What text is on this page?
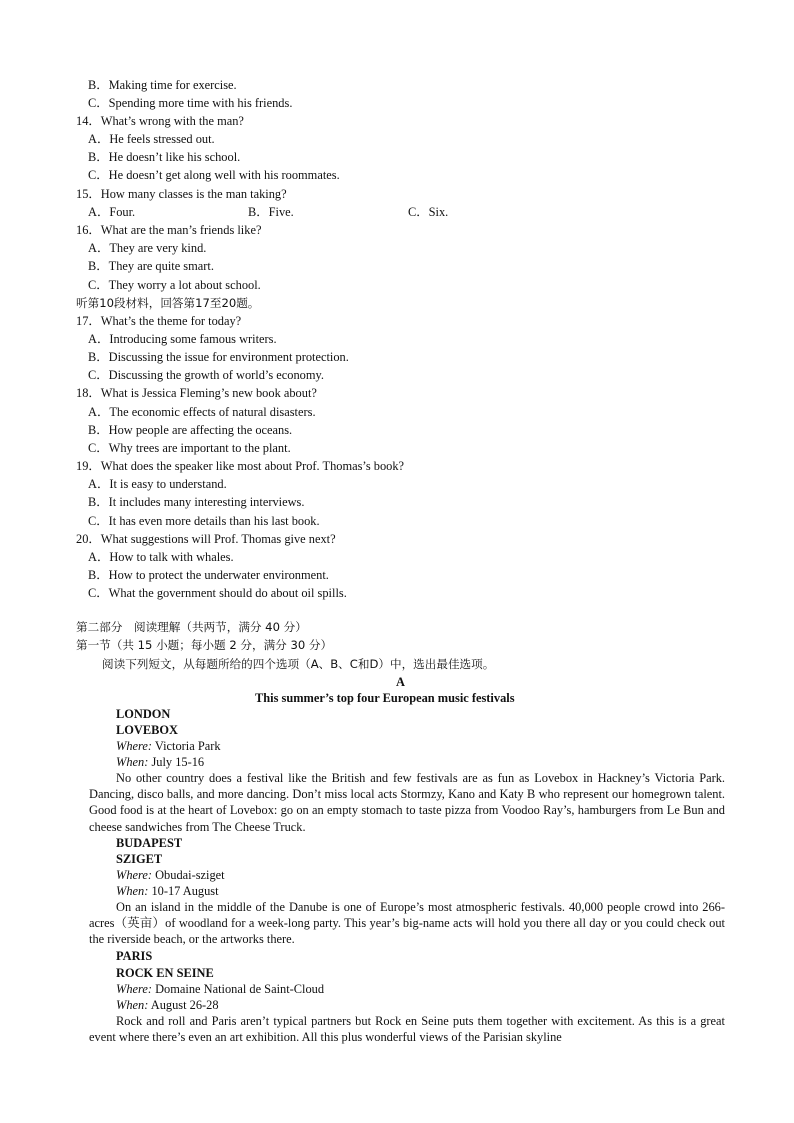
B．Making time for exercise.
C．Spending more time with his friends.
14．What’s wrong with the man?
A．He feels stressed out.
B．He doesn’t like his school.
C．He doesn’t get along well with his roommates.
15．How many classes is the man taking?
A．Four.	B．Five.	C．Six.
16．What are the man’s friends like?
A．They are very kind.
B．They are quite smart.
C．They worry a lot about school.
听第10段材料，回答第17至20题。
17．What’s the theme for today?
A．Introducing some famous writers.
B．Discussing the issue for environment protection.
C．Discussing the growth of world’s economy.
18．What is Jessica Fleming’s new book about?
A．The economic effects of natural disasters.
B．How people are affecting the oceans.
C．Why trees are important to the plant.
19．What does the speaker like most about Prof. Thomas’s book?
A．It is easy to understand.
B．It includes many interesting interviews.
C．It has even more details than his last book.
20．What suggestions will Prof. Thomas give next?
A．How to talk with whales.
B．How to protect the underwater environment.
C．What the government should do about oil spills.
第二部分　阅读理解（共两节，满分 40 分）
第一节（共 15 小题；每小题 2 分，满分 30 分）
阅读下列短文，从每题所给的四个选项（A、B、C和D）中，选出最佳选项。
A
This summer’s top four European music festivals
LONDON
LOVEBOX
Where: Victoria Park
When: July 15-16
No other country does a festival like the British and few festivals are as fun as Lovebox in Hackney’s Victoria Park. Dancing, disco balls, and more dancing. Don’t miss local acts Stormzy, Kano and Katy B who represent our homegrown talent. Good food is at the heart of Lovebox: go on an empty stomach to taste pizza from Voodoo Ray’s, hamburgers from Le Bun and cheese sandwiches from The Cheese Truck.
BUDAPEST
SZIGET
Where: Obudai-sziget
When: 10-17 August
On an island in the middle of the Danube is one of Europe’s most atmospheric festivals. 40,000 people crowd into 266-acres（英亩）of woodland for a week-long party. This year’s big-name acts will hold you there all day or you could check out the riverside beach, or the artworks there.
PARIS
ROCK EN SEINE
Where: Domaine National de Saint-Cloud
When: August 26-28
Rock and roll and Paris aren’t typical partners but Rock en Seine puts them together with excitement. As this is a great event where there’s even an art exhibition. All this plus wonderful views of the Parisian skyline
